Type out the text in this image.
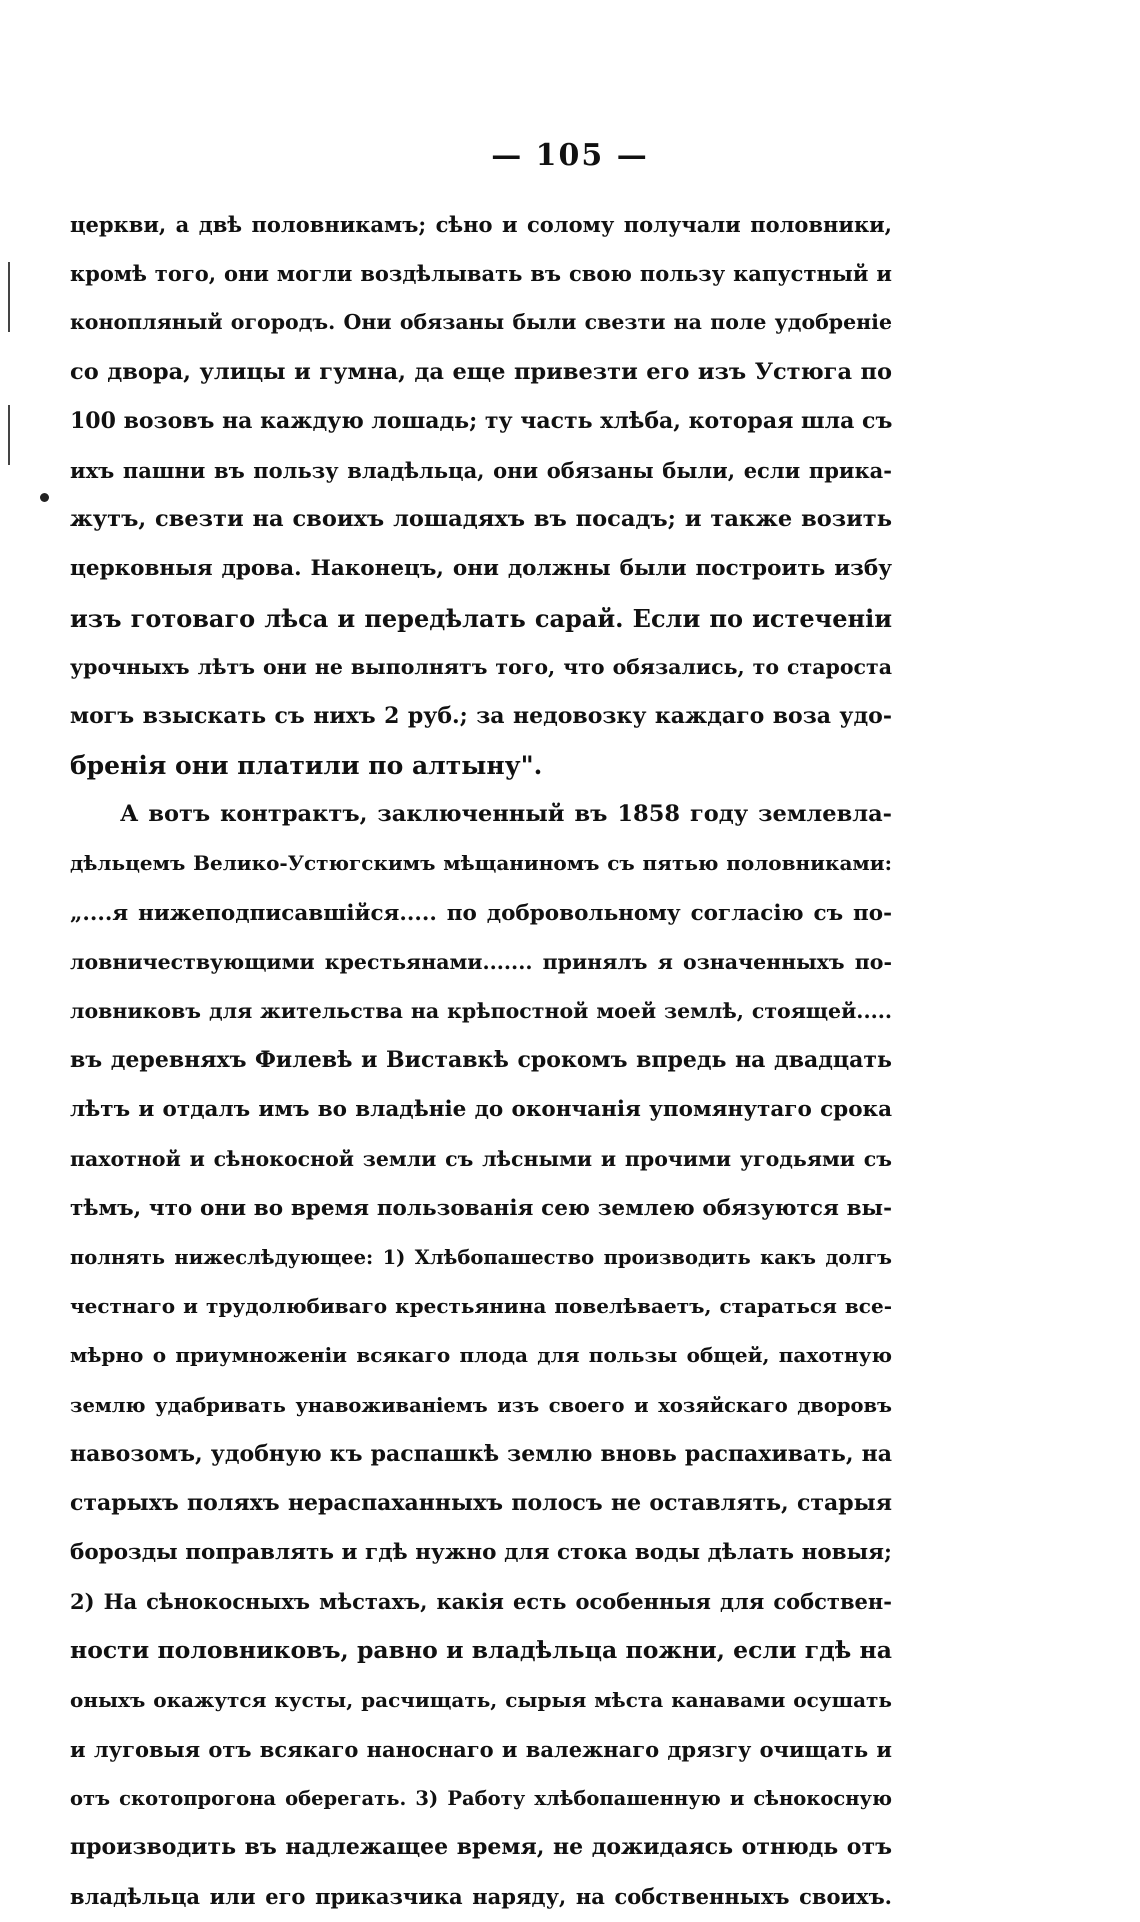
— 105 —
церкви, а двѣ половникамъ; сѣно и солому получали половники,
кромѣ того, они могли воздѣлывать въ свою пользу капустный и
конопляный огородъ. Они обязаны были свезти на поле удобреніе
со двора, улицы и гумна, да еще привезти его изъ Устюга по
100 возовъ на каждую лошадь; ту часть хлѣба, которая шла съ
ихъ пашни въ пользу владѣльца, они обязаны были, если прика-
жутъ, свезти на своихъ лошадяхъ въ посадъ; и также возить
церковныя дрова. Наконецъ, они должны были построить избу
изъ готоваго лѣса и передѣлать сарай. Если по истеченіи
урочныхъ лѣтъ они не выполнятъ того, что обязались, то староста
могъ взыскать съ нихъ 2 руб.; за недовозку каждаго воза удо-
бренія они платили по алтыну".
А вотъ контрактъ, заключенный въ 1858 году землевла-
дѣльцемъ Велико-Устюгскимъ мѣщаниномъ съ пятью половниками:
„....я нижеподписавшійся..... по добровольному согласію съ по-
ловничествующими крестьянами....... принялъ я означенныхъ по-
ловниковъ для жительства на крѣпостной моей землѣ, стоящей.....
въ деревняхъ Филевѣ и Виставкѣ срокомъ впредь на двадцать
лѣтъ и отдалъ имъ во владѣніе до окончанія упомянутаго срока
пахотной и сѣнокосной земли съ лѣсными и прочими угодьями съ
тѣмъ, что они во время пользованія сею землею обязуются вы-
полнять нижеслѣдующее: 1) Хлѣбопашество производить какъ долгъ
честнаго и трудолюбиваго крестьянина повелѣваетъ, стараться все-
мѣрно о приумноженіи всякаго плода для пользы общей, пахотную
землю удабривать унавоживаніемъ изъ своего и хозяйскаго дворовъ
навозомъ, удобную къ распашкѣ землю вновь распахивать, на
старыхъ поляхъ нераспаханныхъ полосъ не оставлять, старыя
борозды поправлять и гдѣ нужно для стока воды дѣлать новыя;
2) На сѣнокосныхъ мѣстахъ, какія есть особенныя для собствен-
ности половниковъ, равно и владѣльца пожни, если гдѣ на
оныхъ окажутся кусты, расчищать, сырыя мѣста канавами осушать
и луговыя отъ всякаго наноснаго и валежнаго дрязгу очищать и
отъ скотопрогона оберегать. 3) Работу хлѣбопашенную и сѣнокосную
производить въ надлежащее время, не дожидаясь отнюдь отъ
владѣльца или его приказчика наряду, на собственныхъ своихъ.
